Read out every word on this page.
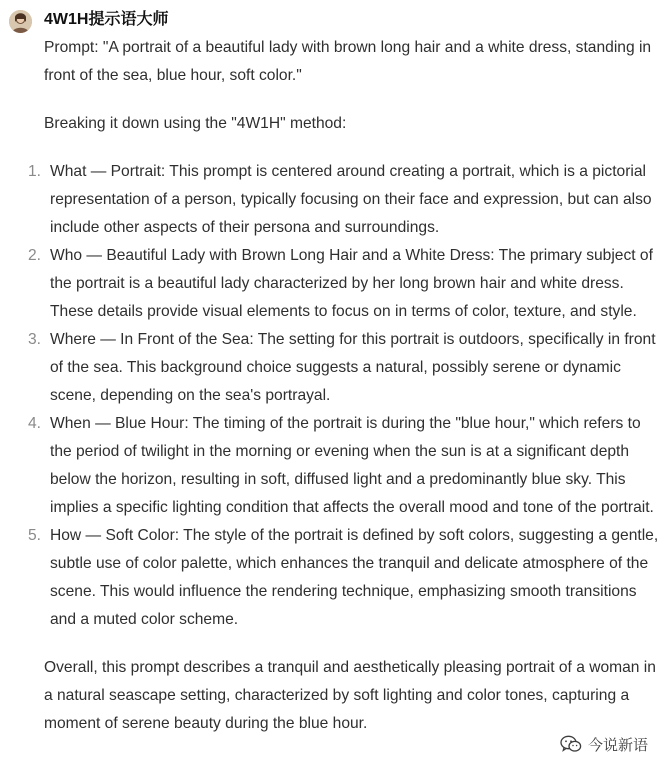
4W1H提示语大师

Prompt: "A portrait of a beautiful lady with brown long hair and a white dress, standing in front of the sea, blue hour, soft color."

Breaking it down using the "4W1H" method:

1. What — Portrait: This prompt is centered around creating a portrait, which is a pictorial representation of a person, typically focusing on their face and expression, but can also include other aspects of their persona and surroundings.
2. Who — Beautiful Lady with Brown Long Hair and a White Dress: The primary subject of the portrait is a beautiful lady characterized by her long brown hair and white dress. These details provide visual elements to focus on in terms of color, texture, and style.
3. Where — In Front of the Sea: The setting for this portrait is outdoors, specifically in front of the sea. This background choice suggests a natural, possibly serene or dynamic scene, depending on the sea's portrayal.
4. When — Blue Hour: The timing of the portrait is during the "blue hour," which refers to the period of twilight in the morning or evening when the sun is at a significant depth below the horizon, resulting in soft, diffused light and a predominantly blue sky. This implies a specific lighting condition that affects the overall mood and tone of the portrait.
5. How — Soft Color: The style of the portrait is defined by soft colors, suggesting a gentle, subtle use of color palette, which enhances the tranquil and delicate atmosphere of the scene. This would influence the rendering technique, emphasizing smooth transitions and a muted color scheme.

Overall, this prompt describes a tranquil and aesthetically pleasing portrait of a woman in a natural seascape setting, characterized by soft lighting and color tones, capturing a moment of serene beauty during the blue hour.

今说新语
